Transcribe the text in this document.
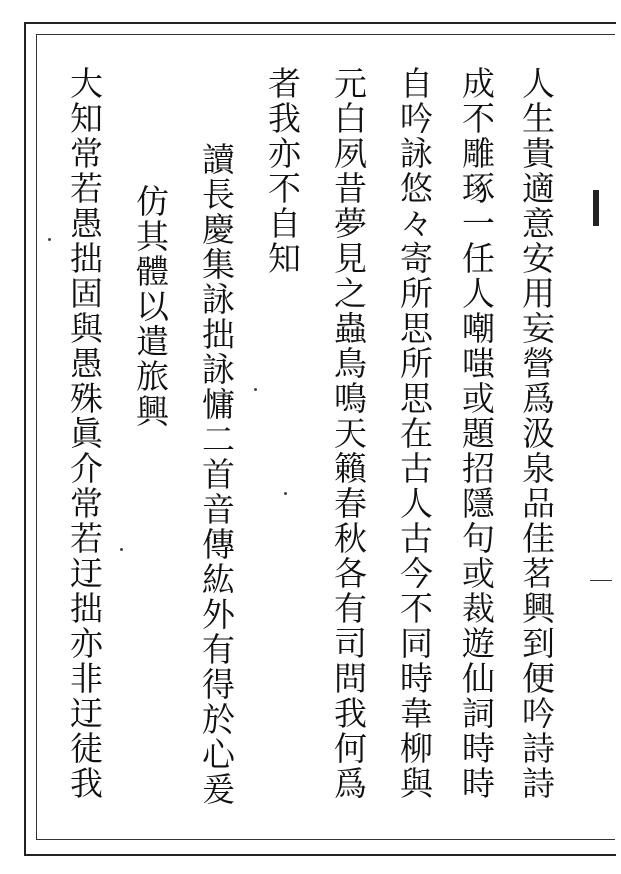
人生貴適意安用妄營爲汲泉品佳茗興到便吟詩詩
成不雕琢一任人嘲嗤或題招隱句或裁遊仙詞時時
自吟詠悠々寄所思所思在古人古今不同時韋柳與
元白夙昔夢見之蟲鳥鳴天籟春秋各有司問我何爲
者我亦不自知
讀長慶集詠拙詠慵二首音傳紘外有得於心爰
仿其體以遣旅興
大知常若愚拙固與愚殊眞介常若迂拙亦非迂徒我
